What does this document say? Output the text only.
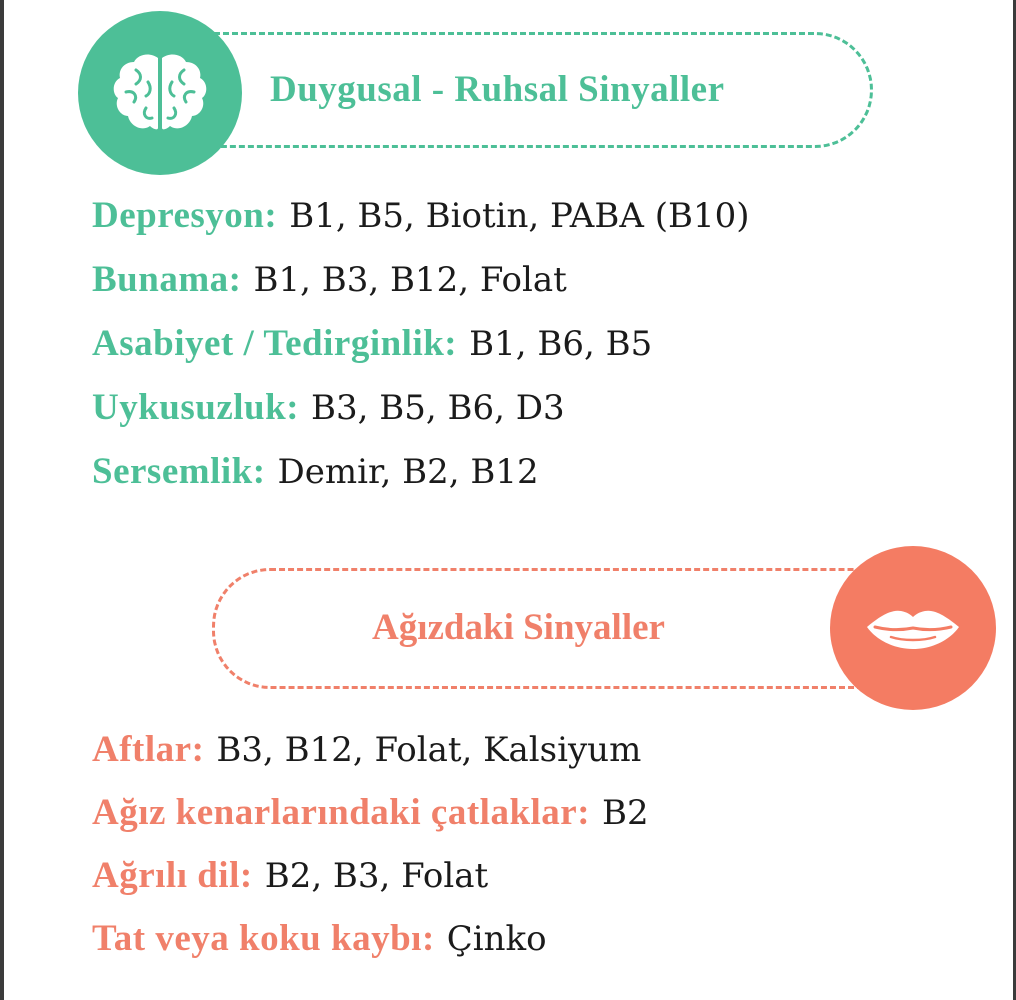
Duygusal - Ruhsal Sinyaller
Depresyon: B1, B5, Biotin, PABA (B10)
Bunama: B1, B3, B12, Folat
Asabiyet / Tedirginlik: B1, B6, B5
Uykusuzluk: B3, B5, B6, D3
Sersemlik: Demir, B2, B12
Ağızdaki Sinyaller
Aftlar: B3, B12, Folat, Kalsiyum
Ağız kenarlarındaki çatlaklar: B2
Ağrılı dil: B2, B3, Folat
Tat veya koku kaybı: Çinko
